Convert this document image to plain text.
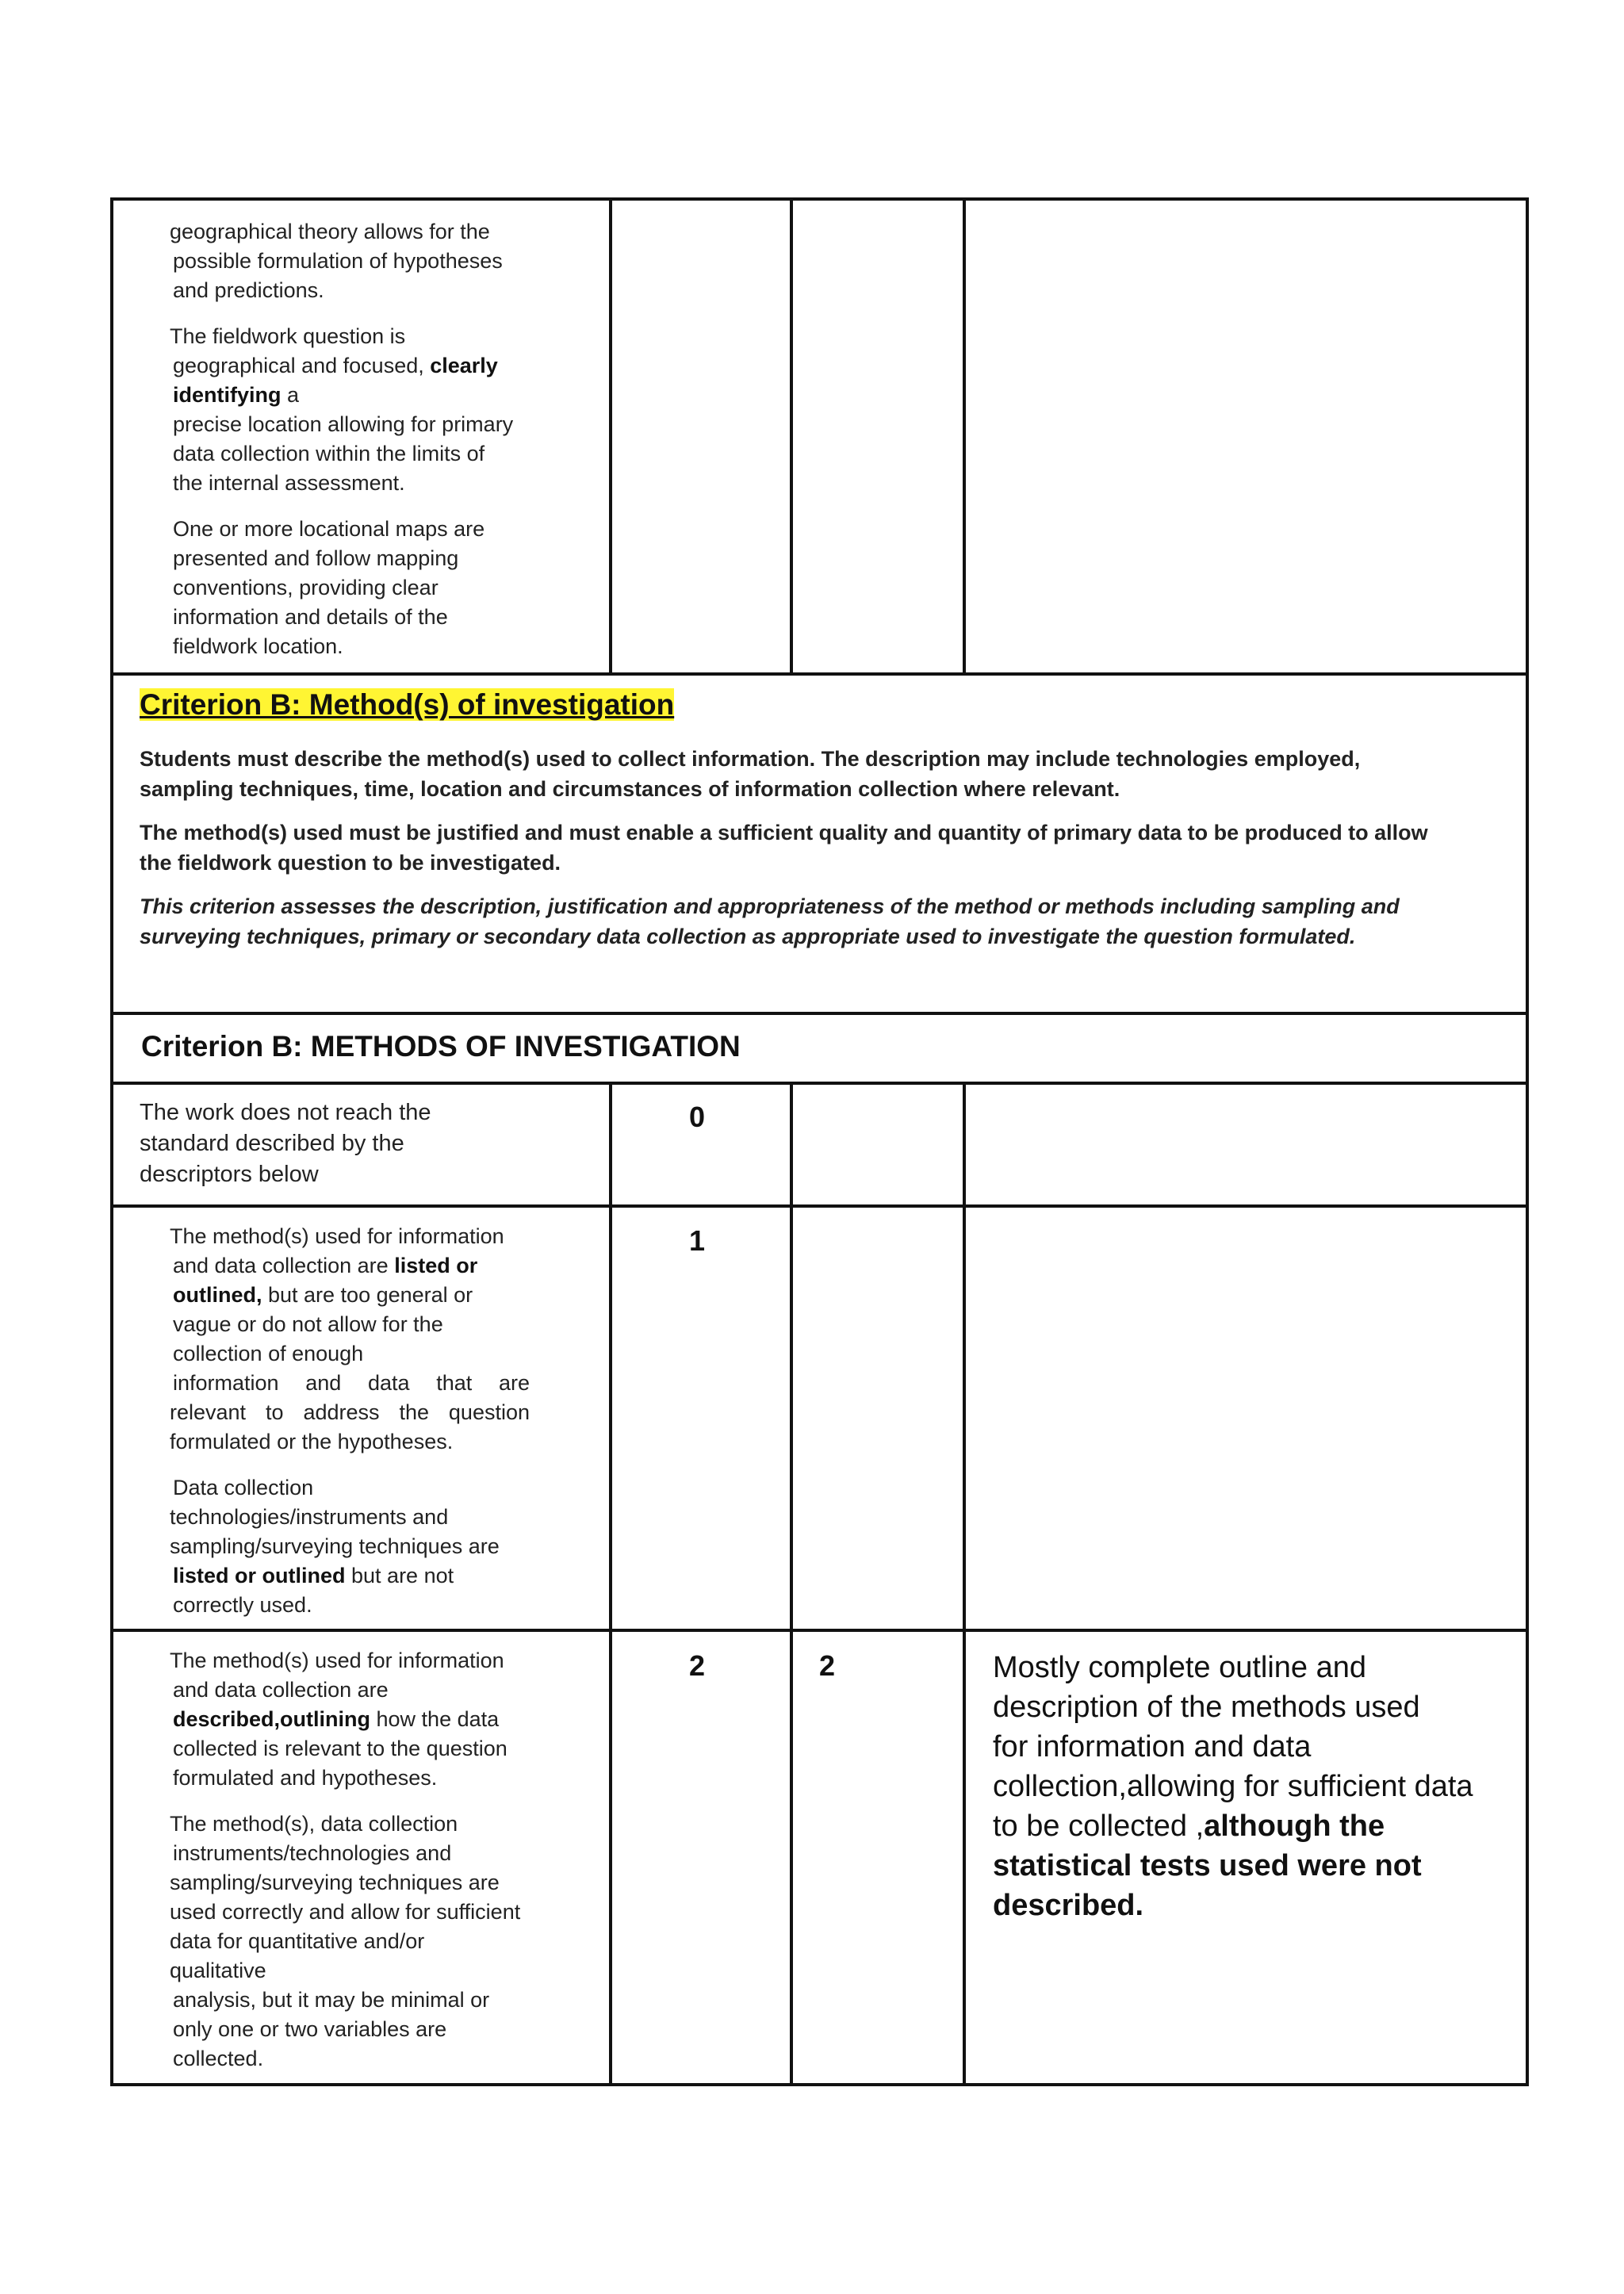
geographical theory allows for the
possible formulation of hypotheses
and predictions.

The fieldwork question is
geographical and focused, clearly
identifying a
precise location allowing for primary
data collection within the limits of
the internal assessment.

One or more locational maps are
presented and follow mapping
conventions, providing clear
information and details of the
fieldwork location.

Criterion B: Method(s) of investigation

Students must describe the method(s) used to collect information. The description may include technologies employed,
sampling techniques, time, location and circumstances of information collection where relevant.

The method(s) used must be justified and must enable a sufficient quality and quantity of primary data to be produced to allow
the fieldwork question to be investigated.

This criterion assesses the description, justification and appropriateness of the method or methods including sampling and
surveying techniques, primary or secondary data collection as appropriate used to investigate the question formulated.

Criterion B: METHODS OF INVESTIGATION
The work does not reach the
standard described by the
descriptors below
0

The method(s) used for information
and data collection are listed or
outlined, but are too general or
vague or do not allow for the
collection of enough

information and data that are
relevant to address the question
formulated or the hypotheses.

Data collection
technologies/instruments and
sampling/surveying techniques are
listed or outlined but are not
correctly used.

1

The method(s) used for information
and data collection are
described,outlining how the data
collected is relevant to the question
formulated and hypotheses.

The method(s), data collection
instruments/technologies and
sampling/surveying techniques are
used correctly and allow for sufficient
data for quantitative and/or
qualitative
analysis, but it may be minimal or
only one or two variables are
collected.

2	2	Mostly complete outline and
description of the methods used
for information and data
collection,allowing for sufficient data
to be collected ,although the
statistical tests used were not
described.
